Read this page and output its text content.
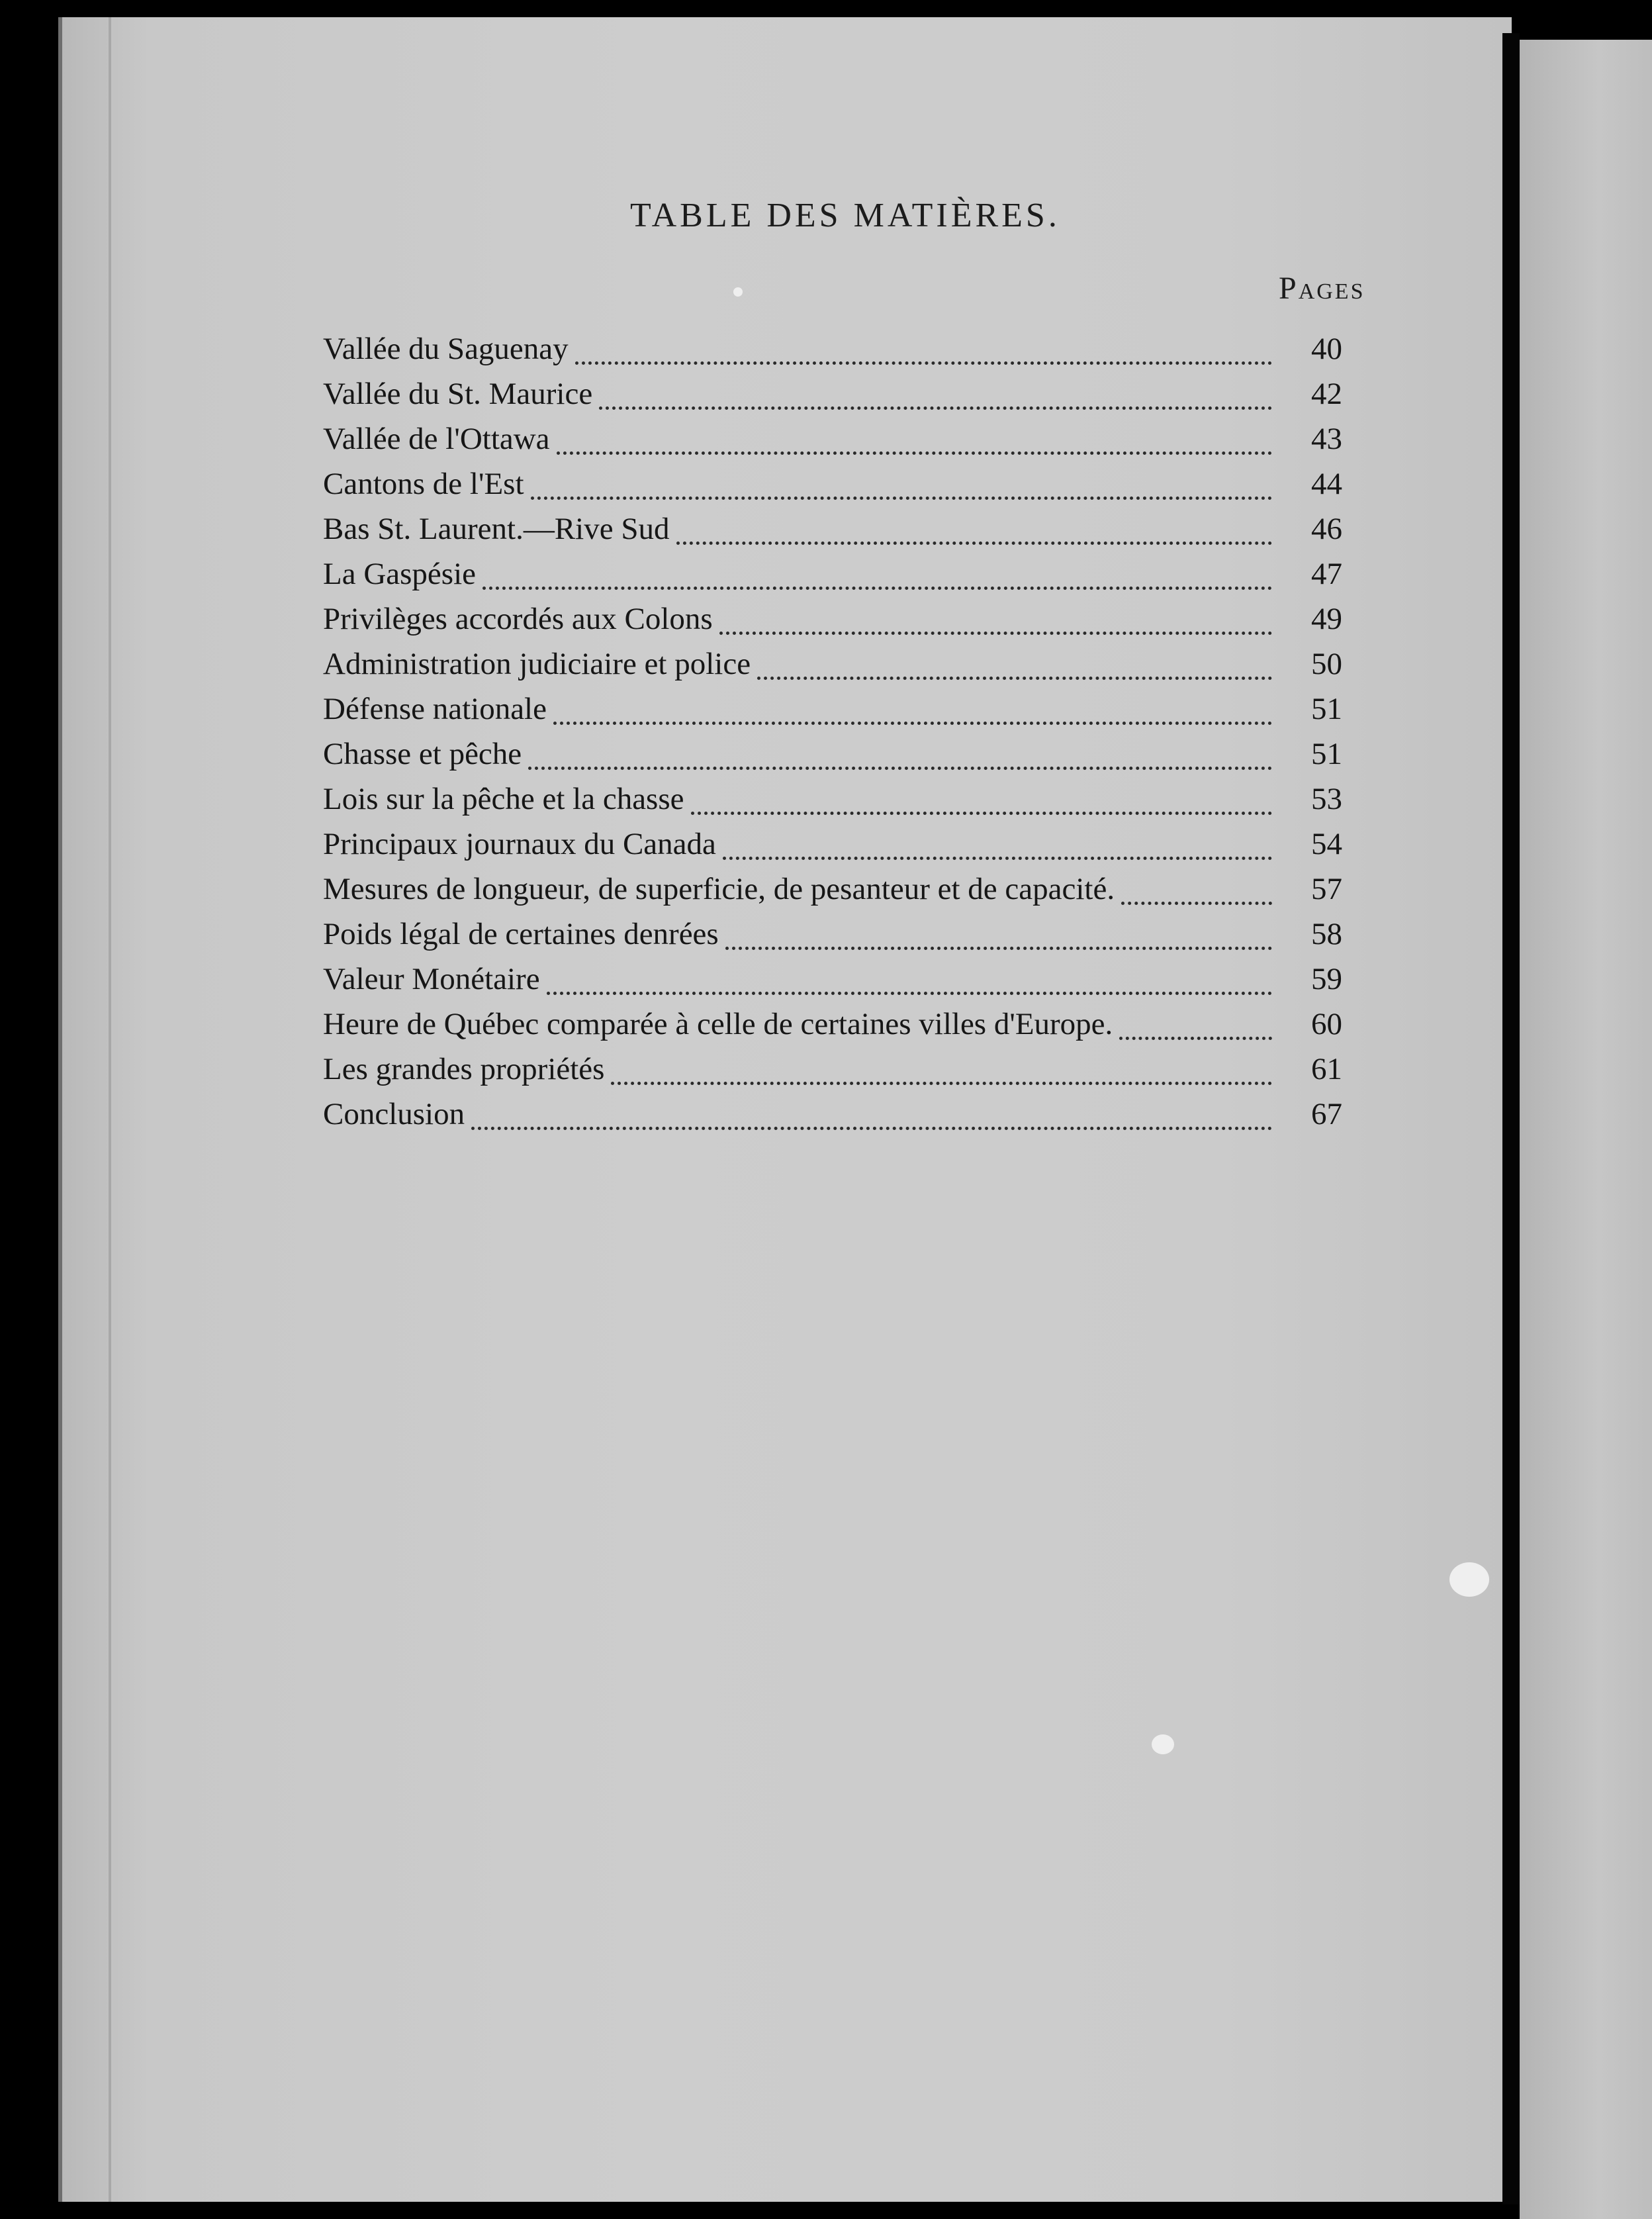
TABLE DES MATIÈRES.
Pages
Vallée du Saguenay	40
Vallée du St. Maurice	42
Vallée de l'Ottawa	43
Cantons de l'Est	44
Bas St. Laurent.—Rive Sud	46
La Gaspésie	47
Privilèges accordés aux Colons	49
Administration judiciaire et police	50
Défense nationale	51
Chasse et pêche	51
Lois sur la pêche et la chasse	53
Principaux journaux du Canada	54
Mesures de longueur, de superficie, de pesanteur et de capacité.	57
Poids légal de certaines denrées	58
Valeur Monétaire	59
Heure de Québec comparée à celle de certaines villes d'Europe.	60
Les grandes propriétés	61
Conclusion	67
